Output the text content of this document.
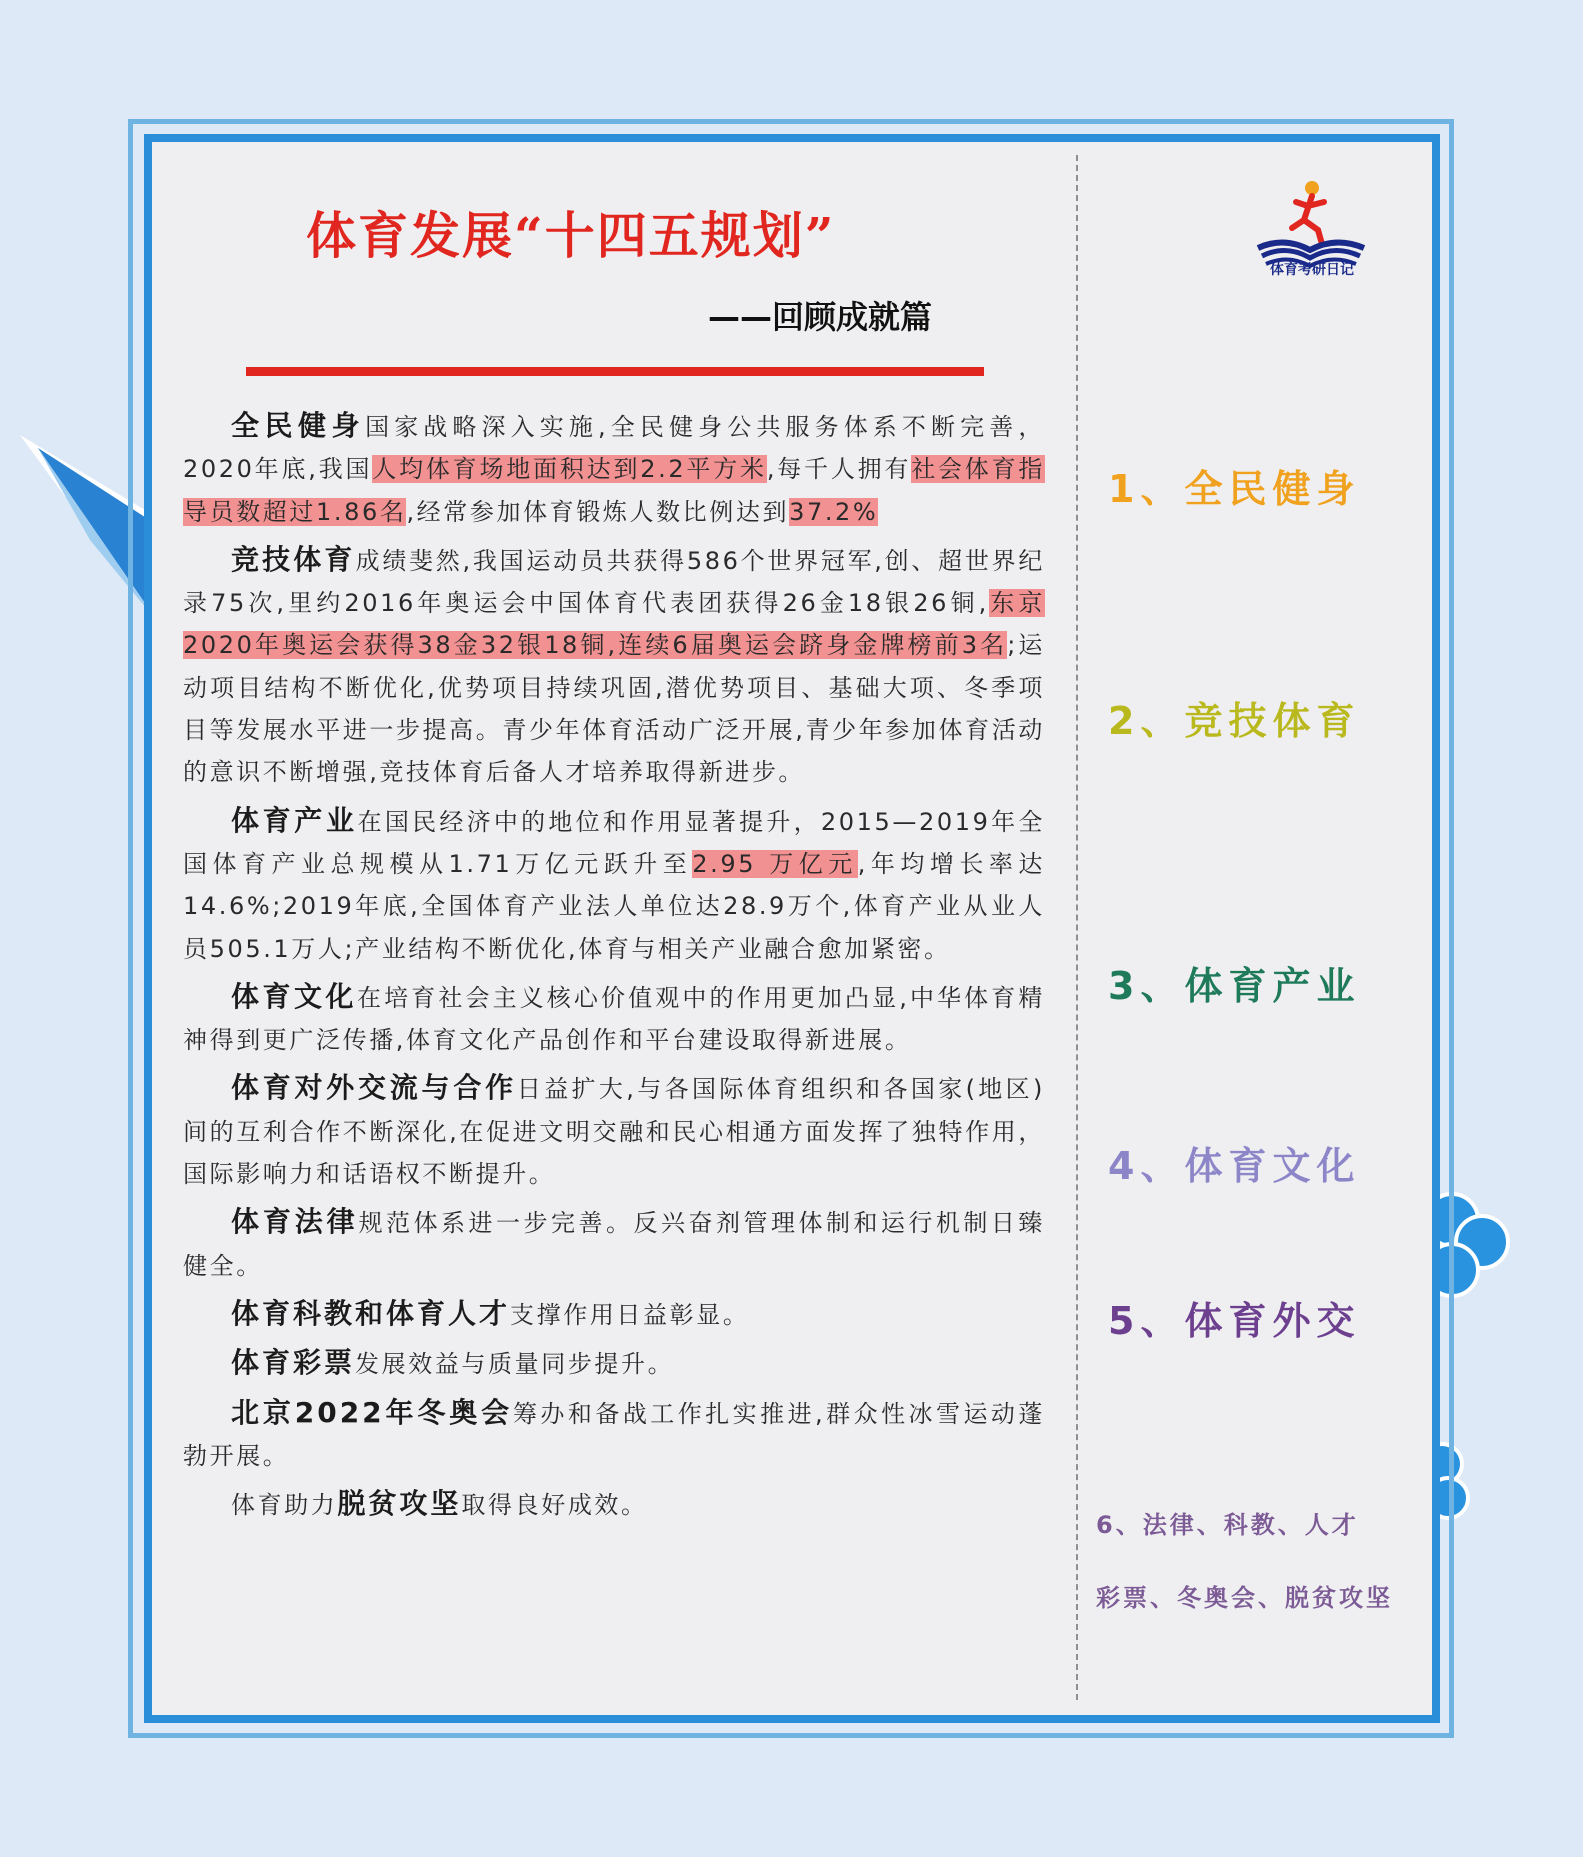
体育发展“十四五规划”
——回顾成就篇
体育考研日记

全民健身国家战略深入实施,全民健身公共服务体系不断完善，2020年底,我国人均体育场地面积达到2.2平方米,每千人拥有社会体育指导员数超过1.86名,经常参加体育锻炼人数比例达到37.2%

竞技体育成绩斐然,我国运动员共获得586个世界冠军,创、超世界纪录75次,里约2016年奥运会中国体育代表团获得26金18银26铜,东京2020年奥运会获得38金32银18铜,连续6届奥运会跻身金牌榜前3名;运动项目结构不断优化,优势项目持续巩固,潜优势项目、基础大项、冬季项目等发展水平进一步提高。青少年体育活动广泛开展,青少年参加体育活动的意识不断增强,竞技体育后备人才培养取得新进步。

体育产业在国民经济中的地位和作用显著提升，2015—2019年全国体育产业总规模从1.71万亿元跃升至2.95 万亿元,年均增长率达14.6%;2019年底,全国体育产业法人单位达28.9万个,体育产业从业人员505.1万人;产业结构不断优化,体育与相关产业融合愈加紧密。

体育文化在培育社会主义核心价值观中的作用更加凸显,中华体育精神得到更广泛传播,体育文化产品创作和平台建设取得新进展。

体育对外交流与合作日益扩大,与各国际体育组织和各国家(地区)间的互利合作不断深化,在促进文明交融和民心相通方面发挥了独特作用，国际影响力和话语权不断提升。

体育法律规范体系进一步完善。反兴奋剂管理体制和运行机制日臻健全。

体育科教和体育人才支撑作用日益彰显。

体育彩票发展效益与质量同步提升。

北京2022年冬奥会筹办和备战工作扎实推进,群众性冰雪运动蓬勃开展。

体育助力脱贫攻坚取得良好成效。

1、全民健身
2、竞技体育
3、体育产业
4、体育文化
5、体育外交
6、法律、科教、人才
彩票、冬奥会、脱贫攻坚
